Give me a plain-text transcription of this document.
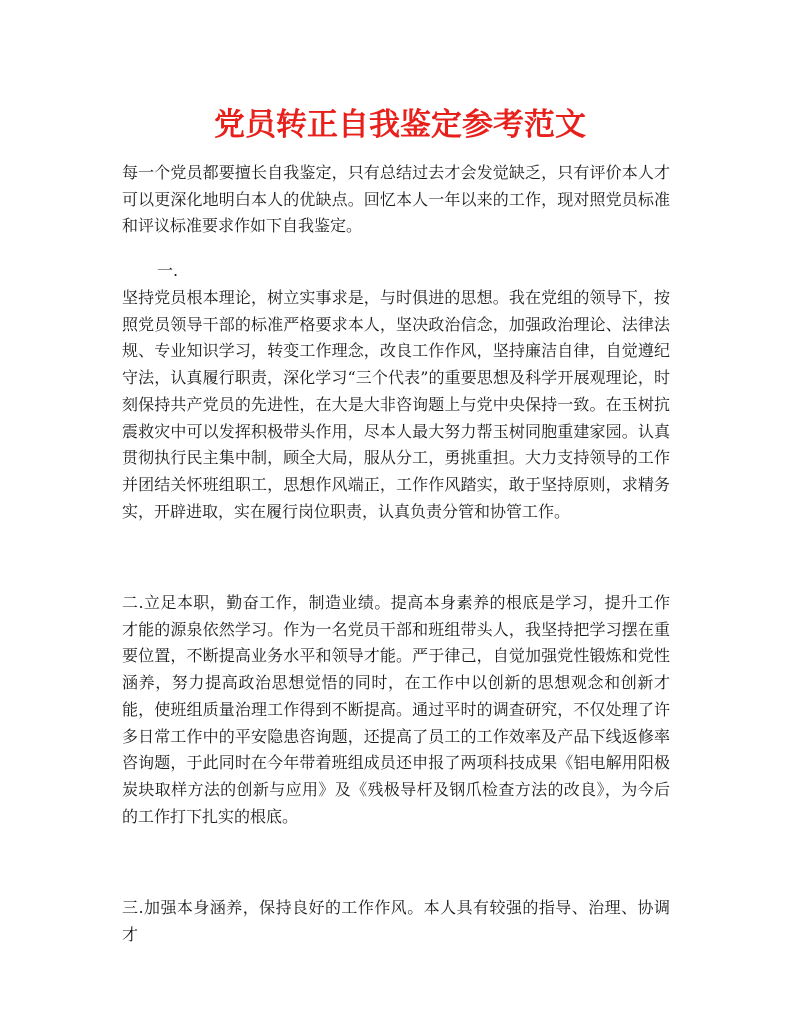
党员转正自我鉴定参考范文

每一个党员都要擅长自我鉴定，只有总结过去才会发觉缺乏，只有评价本人才可以更深化地明白本人的优缺点。回忆本人一年以来的工作，现对照党员标准和评议标准要求作如下自我鉴定。

一.

坚持党员根本理论，树立实事求是，与时俱进的思想。我在党组的领导下，按照党员领导干部的标准严格要求本人，坚决政治信念，加强政治理论、法律法规、专业知识学习，转变工作理念，改良工作作风，坚持廉洁自律，自觉遵纪守法，认真履行职责，深化学习“三个代表”的重要思想及科学开展观理论，时刻保持共产党员的先进性，在大是大非咨询题上与党中央保持一致。在玉树抗震救灾中可以发挥积极带头作用，尽本人最大努力帮玉树同胞重建家园。认真贯彻执行民主集中制，顾全大局，服从分工，勇挑重担。大力支持领导的工作并团结关怀班组职工，思想作风端正，工作作风踏实，敢于坚持原则，求精务实，开辟进取，实在履行岗位职责，认真负责分管和协管工作。

二.立足本职，勤奋工作，制造业绩。提高本身素养的根底是学习，提升工作才能的源泉依然学习。作为一名党员干部和班组带头人，我坚持把学习摆在重要位置，不断提高业务水平和领导才能。严于律己，自觉加强党性锻炼和党性涵养，努力提高政治思想觉悟的同时，在工作中以创新的思想观念和创新才能，使班组质量治理工作得到不断提高。通过平时的调查研究，不仅处理了许多日常工作中的平安隐患咨询题，还提高了员工的工作效率及产品下线返修率咨询题，于此同时在今年带着班组成员还申报了两项科技成果《铝电解用阳极炭块取样方法的创新与应用》及《残极导杆及钢爪检查方法的改良》，为今后的工作打下扎实的根底。

三.加强本身涵养，保持良好的工作作风。本人具有较强的指导、治理、协调才
